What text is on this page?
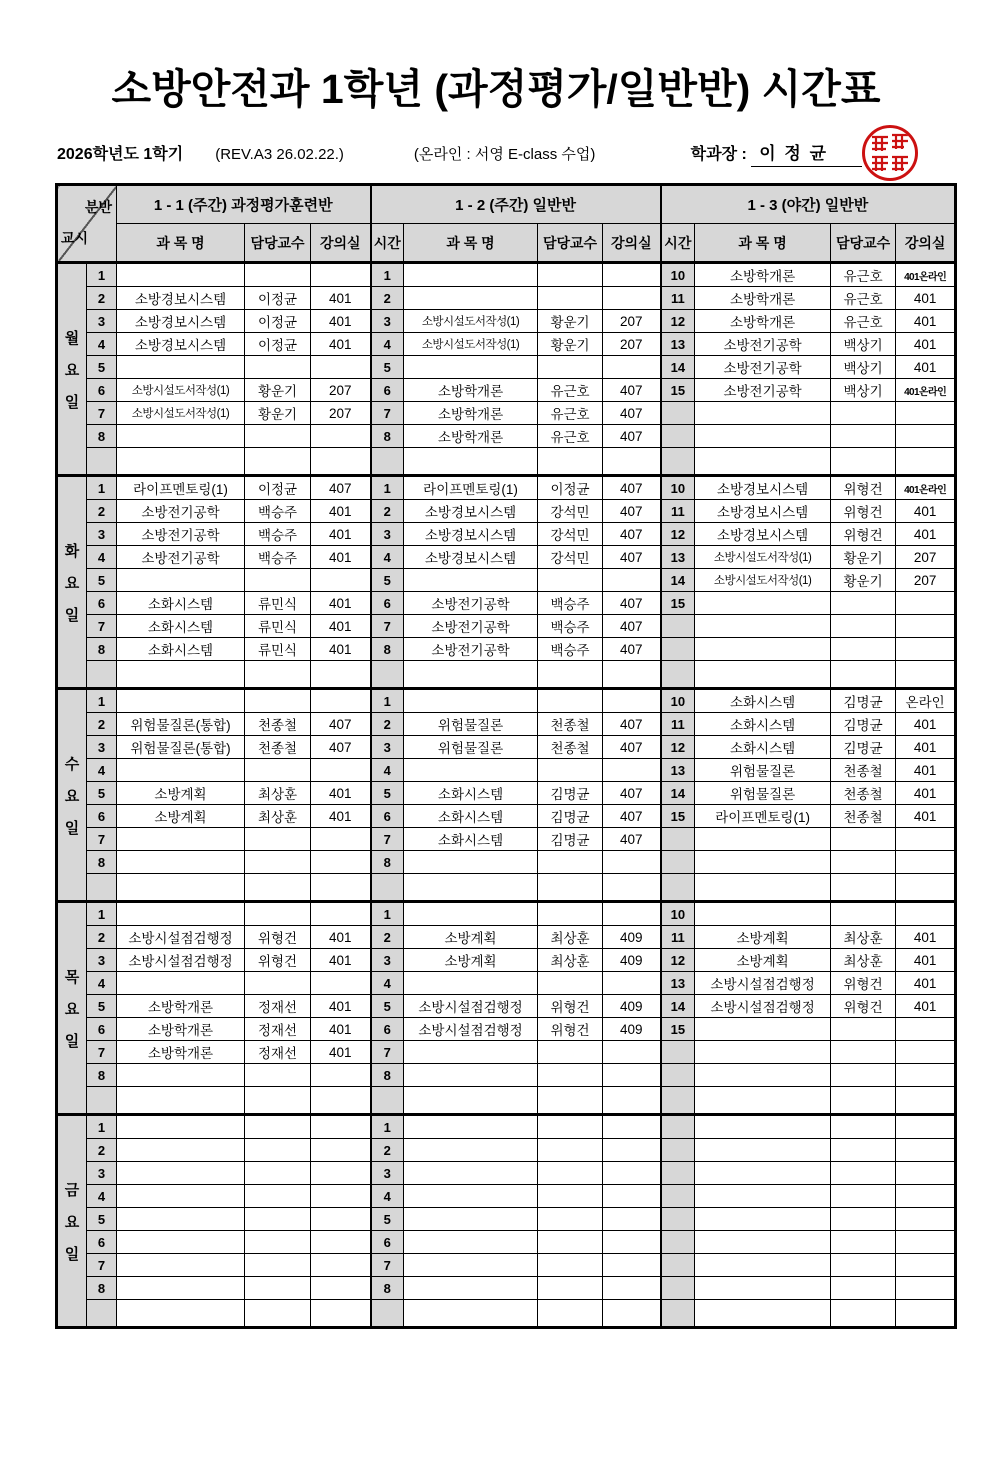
소방안전과 1학년 (과정평가/일반반) 시간표
2026학년도 1학기 (REV.A3 26.02.22.)	(온라인 : 서영 E-class 수업)	학과장 : 이 정 균
분반
교시		1 - 1 (주간) 과정평가훈련반			1 - 2 (주간) 일반반				1 - 3 (야간) 일반반			
		과 목 명	담당교수	강의실	시간	과 목 명	담당교수	강의실	시간	과 목 명	담당교수	강의실

월
요
일	1				1				10	소방학개론	유근호	401온라인
	2	소방경보시스템	이정균	401	2				11	소방학개론	유근호	401
	3	소방경보시스템	이정균	401	3	소방시설도서작성(1)	황운기	207	12	소방학개론	유근호	401
	4	소방경보시스템	이정균	401	4	소방시설도서작성(1)	황운기	207	13	소방전기공학	백상기	401
	5				5				14	소방전기공학	백상기	401
	6	소방시설도서작성(1)	황운기	207	6	소방학개론	유근호	407	15	소방전기공학	백상기	401온라인
	7	소방시설도서작성(1)	황운기	207	7	소방학개론	유근호	407				
	8				8	소방학개론	유근호	407				

화
요
일	1	라이프멘토링(1)	이정균	407	1	라이프멘토링(1)	이정균	407	10	소방경보시스템	위형건	401온라인
	2	소방전기공학	백승주	401	2	소방경보시스템	강석민	407	11	소방경보시스템	위형건	401
	3	소방전기공학	백승주	401	3	소방경보시스템	강석민	407	12	소방경보시스템	위형건	401
	4	소방전기공학	백승주	401	4	소방경보시스템	강석민	407	13	소방시설도서작성(1)	황운기	207
	5				5				14	소방시설도서작성(1)	황운기	207
	6	소화시스템	류민식	401	6	소방전기공학	백승주	407	15			
	7	소화시스템	류민식	401	7	소방전기공학	백승주	407				
	8	소화시스템	류민식	401	8	소방전기공학	백승주	407				

수
요
일	1				1				10	소화시스템	김명균	온라인
	2	위험물질론(통합)	천종철	407	2	위험물질론	천종철	407	11	소화시스템	김명균	401
	3	위험물질론(통합)	천종철	407	3	위험물질론	천종철	407	12	소화시스템	김명균	401
	4				4				13	위험물질론	천종철	401
	5	소방계획	최상훈	401	5	소화시스템	김명균	407	14	위험물질론	천종철	401
	6	소방계획	최상훈	401	6	소화시스템	김명균	407	15	라이프멘토링(1)	천종철	401
	7				7	소화시스템	김명균	407				
	8				8							

목
요
일	1				1				10			
	2	소방시설점검행정	위형건	401	2	소방계획	최상훈	409	11	소방계획	최상훈	401
	3	소방시설점검행정	위형건	401	3	소방계획	최상훈	409	12	소방계획	최상훈	401
	4				4				13	소방시설점검행정	위형건	401
	5	소방학개론	정재선	401	5	소방시설점검행정	위형건	409	14	소방시설점검행정	위형건	401
	6	소방학개론	정재선	401	6	소방시설점검행정	위형건	409	15			
	7	소방학개론	정재선	401	7							
	8				8							

금
요
일	1				1							
	2				2							
	3				3							
	4				4							
	5				5							
	6				6							
	7				7							
	8				8							
